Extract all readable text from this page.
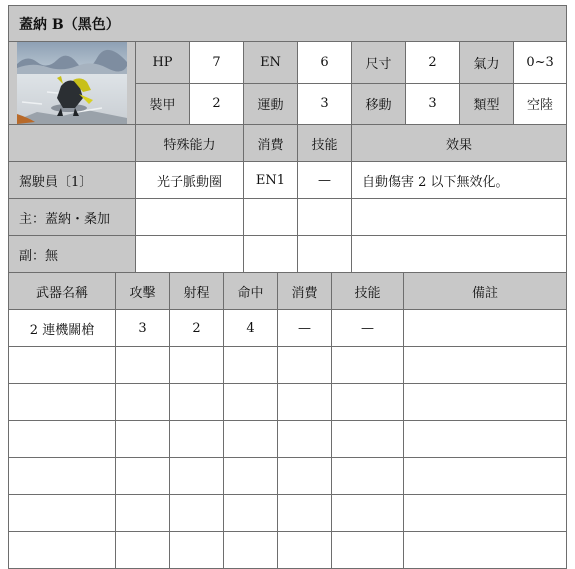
蓋納 B（黑色）								

	HP	7	EN	6	尺寸	2	氣力	0~3
	裝甲	2	運動	3	移動	3	類型	空陸
	特殊能力		消費	技能	效果			
駕駛員〔1〕	光子脈動圈		EN1	—	自動傷害 2 以下無效化。			
主：蓋納・桑加								
副：無								
武器名稱	攻擊	射程	命中	消費	技能	備註
2 連機關槍	3	2	4	—	—	
